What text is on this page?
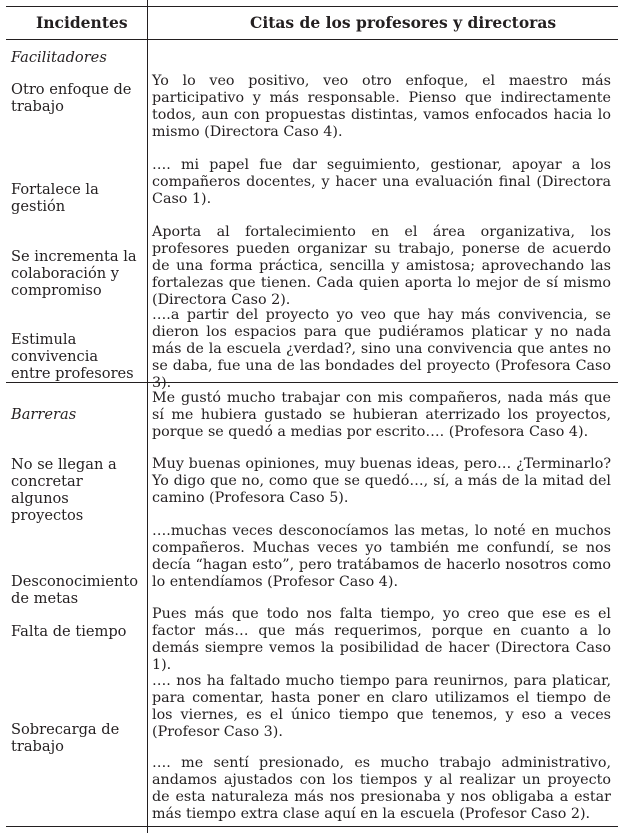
Incidentes	Citas de los profesores y directoras
Facilitadores
Otro enfoque de trabajo
Yo lo veo positivo, veo otro enfoque, el maestro más participativo y más responsable. Pienso que indirectamente todos, aun con propuestas distintas, vamos enfocados hacia lo mismo (Directora Caso 4).
Fortalece la gestión
…. mi papel fue dar seguimiento, gestionar, apoyar a los compañeros docentes, y hacer una evaluación final (Directora Caso 1).
Se incrementa la colaboración y compromiso
Aporta al fortalecimiento en el área organizativa, los profesores pueden organizar su trabajo, ponerse de acuerdo de una forma práctica, sencilla y amistosa; aprovechando las fortalezas que tienen. Cada quien aporta lo mejor de sí mismo (Directora Caso 2).
Estimula convivencia entre profesores
….a partir del proyecto yo veo que hay más convivencia, se dieron los espacios para que pudiéramos platicar y no nada más de la escuela ¿verdad?, sino una convivencia que antes no se daba, fue una de las bondades del proyecto (Profesora Caso 3).
Barreras
Me gustó mucho trabajar con mis compañeros, nada más que sí me hubiera gustado se hubieran aterrizado los proyectos, porque se quedó a medias por escrito…. (Profesora Caso 4).
No se llegan a concretar algunos proyectos
Muy buenas opiniones, muy buenas ideas, pero… ¿Terminarlo? Yo digo que no, como que se quedó…, sí, a más de la mitad del camino (Profesora Caso 5).
Desconocimiento de metas
….muchas veces desconocíamos las metas, lo noté en muchos compañeros. Muchas veces yo también me confundí, se nos decía “hagan esto”, pero tratábamos de hacerlo nosotros como lo entendíamos (Profesor Caso 4).
Falta de tiempo
Pues más que todo nos falta tiempo, yo creo que ese es el factor más… que más requerimos, porque en cuanto a lo demás siempre vemos la posibilidad de hacer (Directora Caso 1).
Sobrecarga de trabajo
…. nos ha faltado mucho tiempo para reunirnos, para platicar, para comentar, hasta poner en claro utilizamos el tiempo de los viernes, es el único tiempo que tenemos, y eso a veces (Profesor Caso 3).
…. me sentí presionado, es mucho trabajo administrativo, andamos ajustados con los tiempos y al realizar un proyecto de esta naturaleza más nos presionaba y nos obligaba a estar más tiempo extra clase aquí en la escuela (Profesor Caso 2).
